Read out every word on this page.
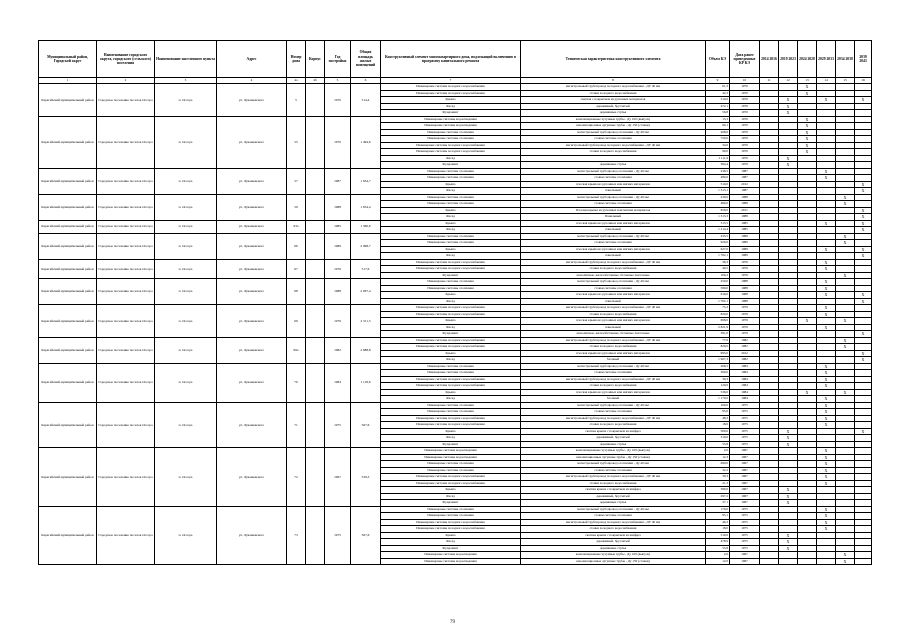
Муниципальный район, Городской округ	Наименование городского округа, городского (сельского) поселения	Наименование населенного пункта	Адрес	Номер дома	Корпус	Год постройки	Общая площадь жилых помещений	Конструктивный элемент многоквартирного дома, подлежащий включению в программу капитального ремонта	Техническая характеристика конструктивного элемента	Объем КЭ	Дата ранее проведенных КР КЭ	2014 2016	2019 2023	2024 2028	2029 2033	2034 2038	2039 2043
1	2	3	4	4а	4б	5	6	7	8	9	10	11	12	13	14	15	16
Карагайский муниципальный район	Городское поселение поселок Оссора	п. Оссора	ул. Лукашевского	5		1970	514,4	Инженерные системы холодного водоснабжения	магистральный трубопровод холодного водоснабжения - ДУ 40 мм	61,3	1970			X			
								Инженерные системы холодного водоснабжения	стояки холодного водоснабжения	42,3	1970			X			
								Крыша	скатная с покрытием из рулонных материалов	510,0	1970		X		X		X
								Фасад	деревянный, брусчатый	472,1	1970		X				
								Фундамент	деревянные стулья	56,8	1970		X				
Карагайский муниципальный район	Городское поселение поселок Оссора	п. Оссора	ул. Лукашевского	55		1970	1 494,6	Инженерные системы водоотведения	канализационные чугунные трубы - Ду 100 (выпуск)	15,3	1970			X			
								Инженерные системы водоотведения	канализационные чугунные трубы - Ду 150 (стояки)	90,1	1970			X			
								Инженерные системы отопления	магистральный трубопровод отопления - Ду 40 мм	268,0	1970			X			
								Инженерные системы отопления	стояки системы отопления	720,0	1970			X			
								Инженерные системы холодного водоснабжения	магистральный трубопровод холодного водоснабжения - ДУ 40 мм	34,0	1970			X			
								Инженерные системы холодного водоснабжения	стояки холодного водоснабжения	99,0	1970			X			
								Фасад		1 111,9	1970		X				
								Фундамент	деревянные стулья	364,4	1970		X				
Карагайский муниципальный район	Городское поселение поселок Оссора	п. Оссора	ул. Лукашевского	57		1987	1 634,7	Инженерные системы отопления	магистральный трубопровод отопления - Ду 40 мм	236,5	1987				X		
								Инженерные системы отопления	стояки системы отопления	480,0	1987				X		
								Крыша	плоская крыша из рулонных или мягких материалов	510,0	2012						X
								Фасад	панельный	1 313,1	1987						X
Карагайский муниципальный район	Городское поселение поселок Оссора	п. Оссора	ул. Лукашевского	59		1988	1 654,4	Инженерные системы отопления	магистральный трубопровод отопления - Ду 40 мм	230,0	1988					X	
								Инженерные системы отопления	стояки системы отопления	480,0	1988					X	
								Крыша	Плоская крыша из рулонных или мягких материалов	659,0	2011						X
								Фасад	Панельный	1 313,3	1988						X
Карагайский муниципальный район	Городское поселение поселок Оссора	п. Оссора	ул. Лукашевского	63а		1985	1 360,6	Крыша	плоская крыша из рулонных или мягких материалов	515,5	1985				X		X
								Фасад	панельный	1 214,4	1985						X
Карагайский муниципальный район	Городское поселение поселок Оссора	п. Оссора	ул. Лукашевского	66		1989	2 998,7	Инженерные системы отопления	магистральный трубопровод отопления - Ду 40 мм	235,5	1989					X	
								Инженерные системы отопления	стояки системы отопления	920,0	1989					X	
								Крыша	плоская крыша из рулонных или мягких материалов	627,0	1989				X		X
								Фасад	панельный	1 762,1	1989						X
Карагайский муниципальный район	Городское поселение поселок Оссора	п. Оссора	ул. Лукашевского	67		1976	517,6	Инженерные системы холодного водоснабжения	магистральный трубопровод холодного водоснабжения - ДУ 40 мм	36,3	1976				X		
								Инженерные системы холодного водоснабжения	стояки холодного водоснабжения	49,5	1976				X		
								Фундамент	монолитные, железобетонные, бетонные ленточные	106,2	1976					X	
Карагайский муниципальный район	Городское поселение поселок Оссора	п. Оссора	ул. Лукашевского	68		1988	2 067,4	Инженерные системы отопления	магистральный трубопровод отопления - Ду 40 мм	250,0	1988				X		
								Инженерные системы отопления	стояки системы отопления	580,0	1988				X		
								Крыша	плоская крыша из рулонных или мягких материалов	616,0	1988				X		X
								Фасад	панельный	1 762,1	1988						X
Карагайский муниципальный район	Городское поселение поселок Оссора	п. Оссора	ул. Лукашевского	69		1979	2 311,5	Инженерные системы холодного водоснабжения	магистральный трубопровод холодного водоснабжения - ДУ 40 мм	75,3	1979				X		
								Инженерные системы холодного водоснабжения	стояки холодного водоснабжения	820,0	1979				X		
								Крыша	плоская крыша из рулонных или мягких материалов	698,0	1979			X		X	
								Фасад	панельный	2 821,9	1979				X		
								Фундамент	монолитные, железобетонные, бетонные ленточные	391,0	1979						X
Карагайский муниципальный район	Городское поселение поселок Оссора	п. Оссора	ул. Лукашевского	69а		1982	2 688,8	Инженерные системы холодного водоснабжения	магистральный трубопровод холодного водоснабжения - ДУ 40 мм	77,0	1982					X	
								Инженерные системы холодного водоснабжения	стояки холодного водоснабжения	820,0	1982					X	
								Крыша	плоская крыша из рулонных или мягких материалов	995,0	2012						X
								Фасад	блочный	1 967,3	1982						X
Карагайский муниципальный район	Городское поселение поселок Оссора	п. Оссора	ул. Лукашевского	70		1984	1 118,6	Инженерные системы отопления	магистральный трубопровод отопления - Ду 40 мм	206,5	1984				X		
								Инженерные системы отопления	стояки системы отопления	360,0	1984				X		
								Инженерные системы холодного водоснабжения	магистральный трубопровод холодного водоснабжения - ДУ 40 мм	39,3	1984				X		
								Инженерные системы холодного водоснабжения	стояки холодного водоснабжения	120,0	1984				X		
								Крыша	плоская крыша из рулонных или мягких материалов	536,0	1984			X		X	
								Фасад	блочный	1 170,0	1984				X		
Карагайский муниципальный район	Городское поселение поселок Оссора	п. Оссора	ул. Лукашевского	71		1975	567,6	Инженерные системы отопления	магистральный трубопровод отопления - Ду 40 мм	160,0	1975				X		
								Инженерные системы отопления	стояки системы отопления	95,0	1975				X		
								Инженерные системы холодного водоснабжения	магистральный трубопровод холодного водоснабжения - ДУ 40 мм	48,3	1975				X		
								Инженерные системы холодного водоснабжения	стояки холодного водоснабжения	18,0	1975				X		
								Крыша	скатная крыша с покрытием из шифера	509,0	1975		X				X
								Фасад	деревянный, брусчатый	310,0	1975		X				
								Фундамент	деревянные стулья	55,8	1975		X				
Карагайский муниципальный район	Городское поселение поселок Оссора	п. Оссора	ул. Лукашевского	72		1967	539,3	Инженерные системы водоотведения	канализационные чугунные трубы - Ду 100 (выпуск)	2,0	1967				X		
								Инженерные системы водоотведения	канализационные чугунные трубы - Ду 150 (стояки)	12,3	1967				X		
								Инженерные системы отопления	магистральный трубопровод отопления - Ду 40 мм	690,0	1967				X		
								Инженерные системы отопления	стояки системы отопления	32,2	1967				X		
								Инженерные системы холодного водоснабжения	магистральный трубопровод холодного водоснабжения - ДУ 40 мм	30,3	1967				X		
								Инженерные системы холодного водоснабжения	стояки холодного водоснабжения	21,3	1967				X		
								Крыша	скатная крыша с покрытием из шифера	580,0	1967		X				
								Фасад	деревянный, брусчатый	297,2	1967		X				
								Фундамент	деревянные стулья	37,1	1967		X				
Карагайский муниципальный район	Городское поселение поселок Оссора	п. Оссора	ул. Лукашевского	73		1975	567,6	Инженерные системы отопления	магистральный трубопровод отопления - Ду 40 мм	170,0	1975				X		
								Инженерные системы отопления	стояки системы отопления	95,1	1975				X		
								Инженерные системы холодного водоснабжения	магистральный трубопровод холодного водоснабжения - ДУ 40 мм	46,3	1975				X		
								Инженерные системы холодного водоснабжения	стояки холодного водоснабжения	18,0	1975				X		
								Крыша	скатная крыша с покрытием из шифера	510,0	1975		X				
								Фасад	деревянный, брусчатый	478,9	1975		X				
								Фундамент	деревянные стулья	55,8	1975		X				
								Инженерные системы водоотведения	канализационные чугунные трубы - Ду 100 (выпуск)	2,0	1967					X	
								Инженерные системы водоотведения	канализационные чугунные трубы - Ду 150 (стояки)	12,0	1967					X	
79
